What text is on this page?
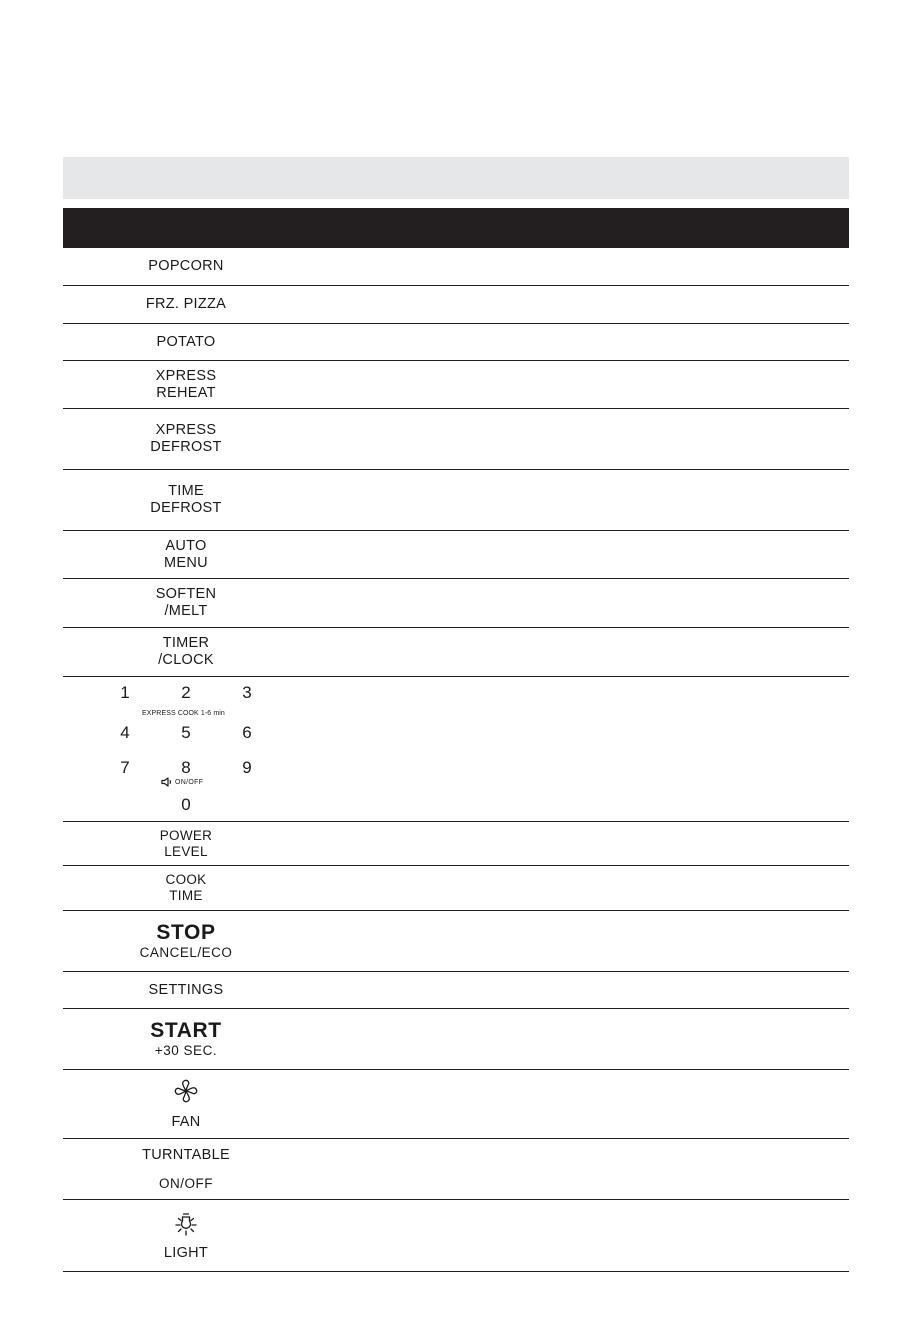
POPCORN
FRZ. PIZZA
POTATO
XPRESS
REHEAT
XPRESS
DEFROST
TIME
DEFROST
AUTO
MENU
SOFTEN
/MELT
TIMER
/CLOCK
1	2	3
EXPRESS COOK 1-6 min
4	5	6
7	8	9
ON/OFF
0
POWER
LEVEL
COOK
TIME
STOP
CANCEL/ECO
SETTINGS
START
+30 SEC.
FAN
TURNTABLE
ON/OFF
LIGHT
